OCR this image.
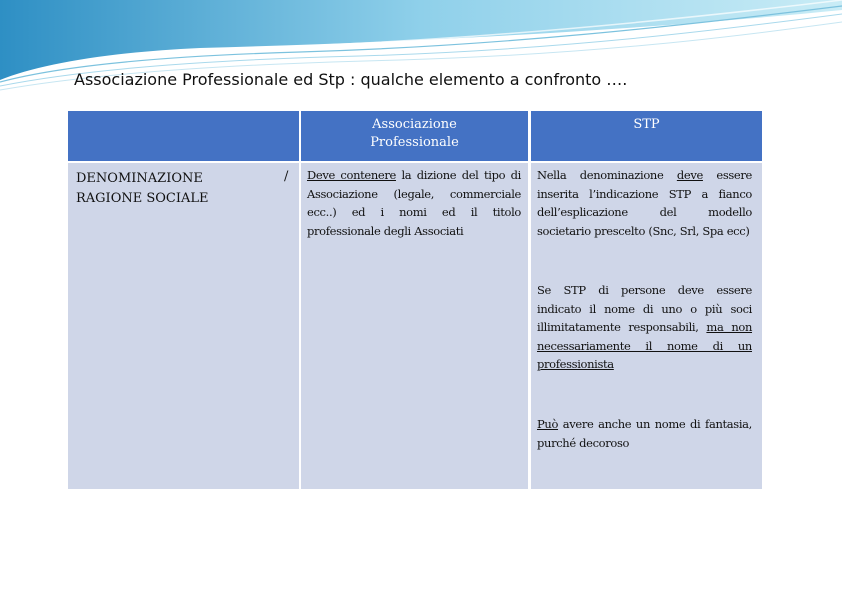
Associazione Professionale ed Stp : qualche elemento a confronto ….
Associazione Professionale
STP
DENOMINAZIONE RAGIONE SOCIALE
/ Deve contenere la dizione del tipo di Associazione (legale, commerciale ecc..) ed i nomi ed il titolo professionale degli Associati

Nella denominazione deve essere inserita l’indicazione STP a fianco dell’esplicazione del modello societario prescelto (Snc, Srl, Spa ecc)

Se STP di persone deve essere indicato il nome di uno o più soci illimitatamente responsabili, ma non necessariamente il nome di un professionista

Può avere anche un nome di fantasia, purché decoroso
